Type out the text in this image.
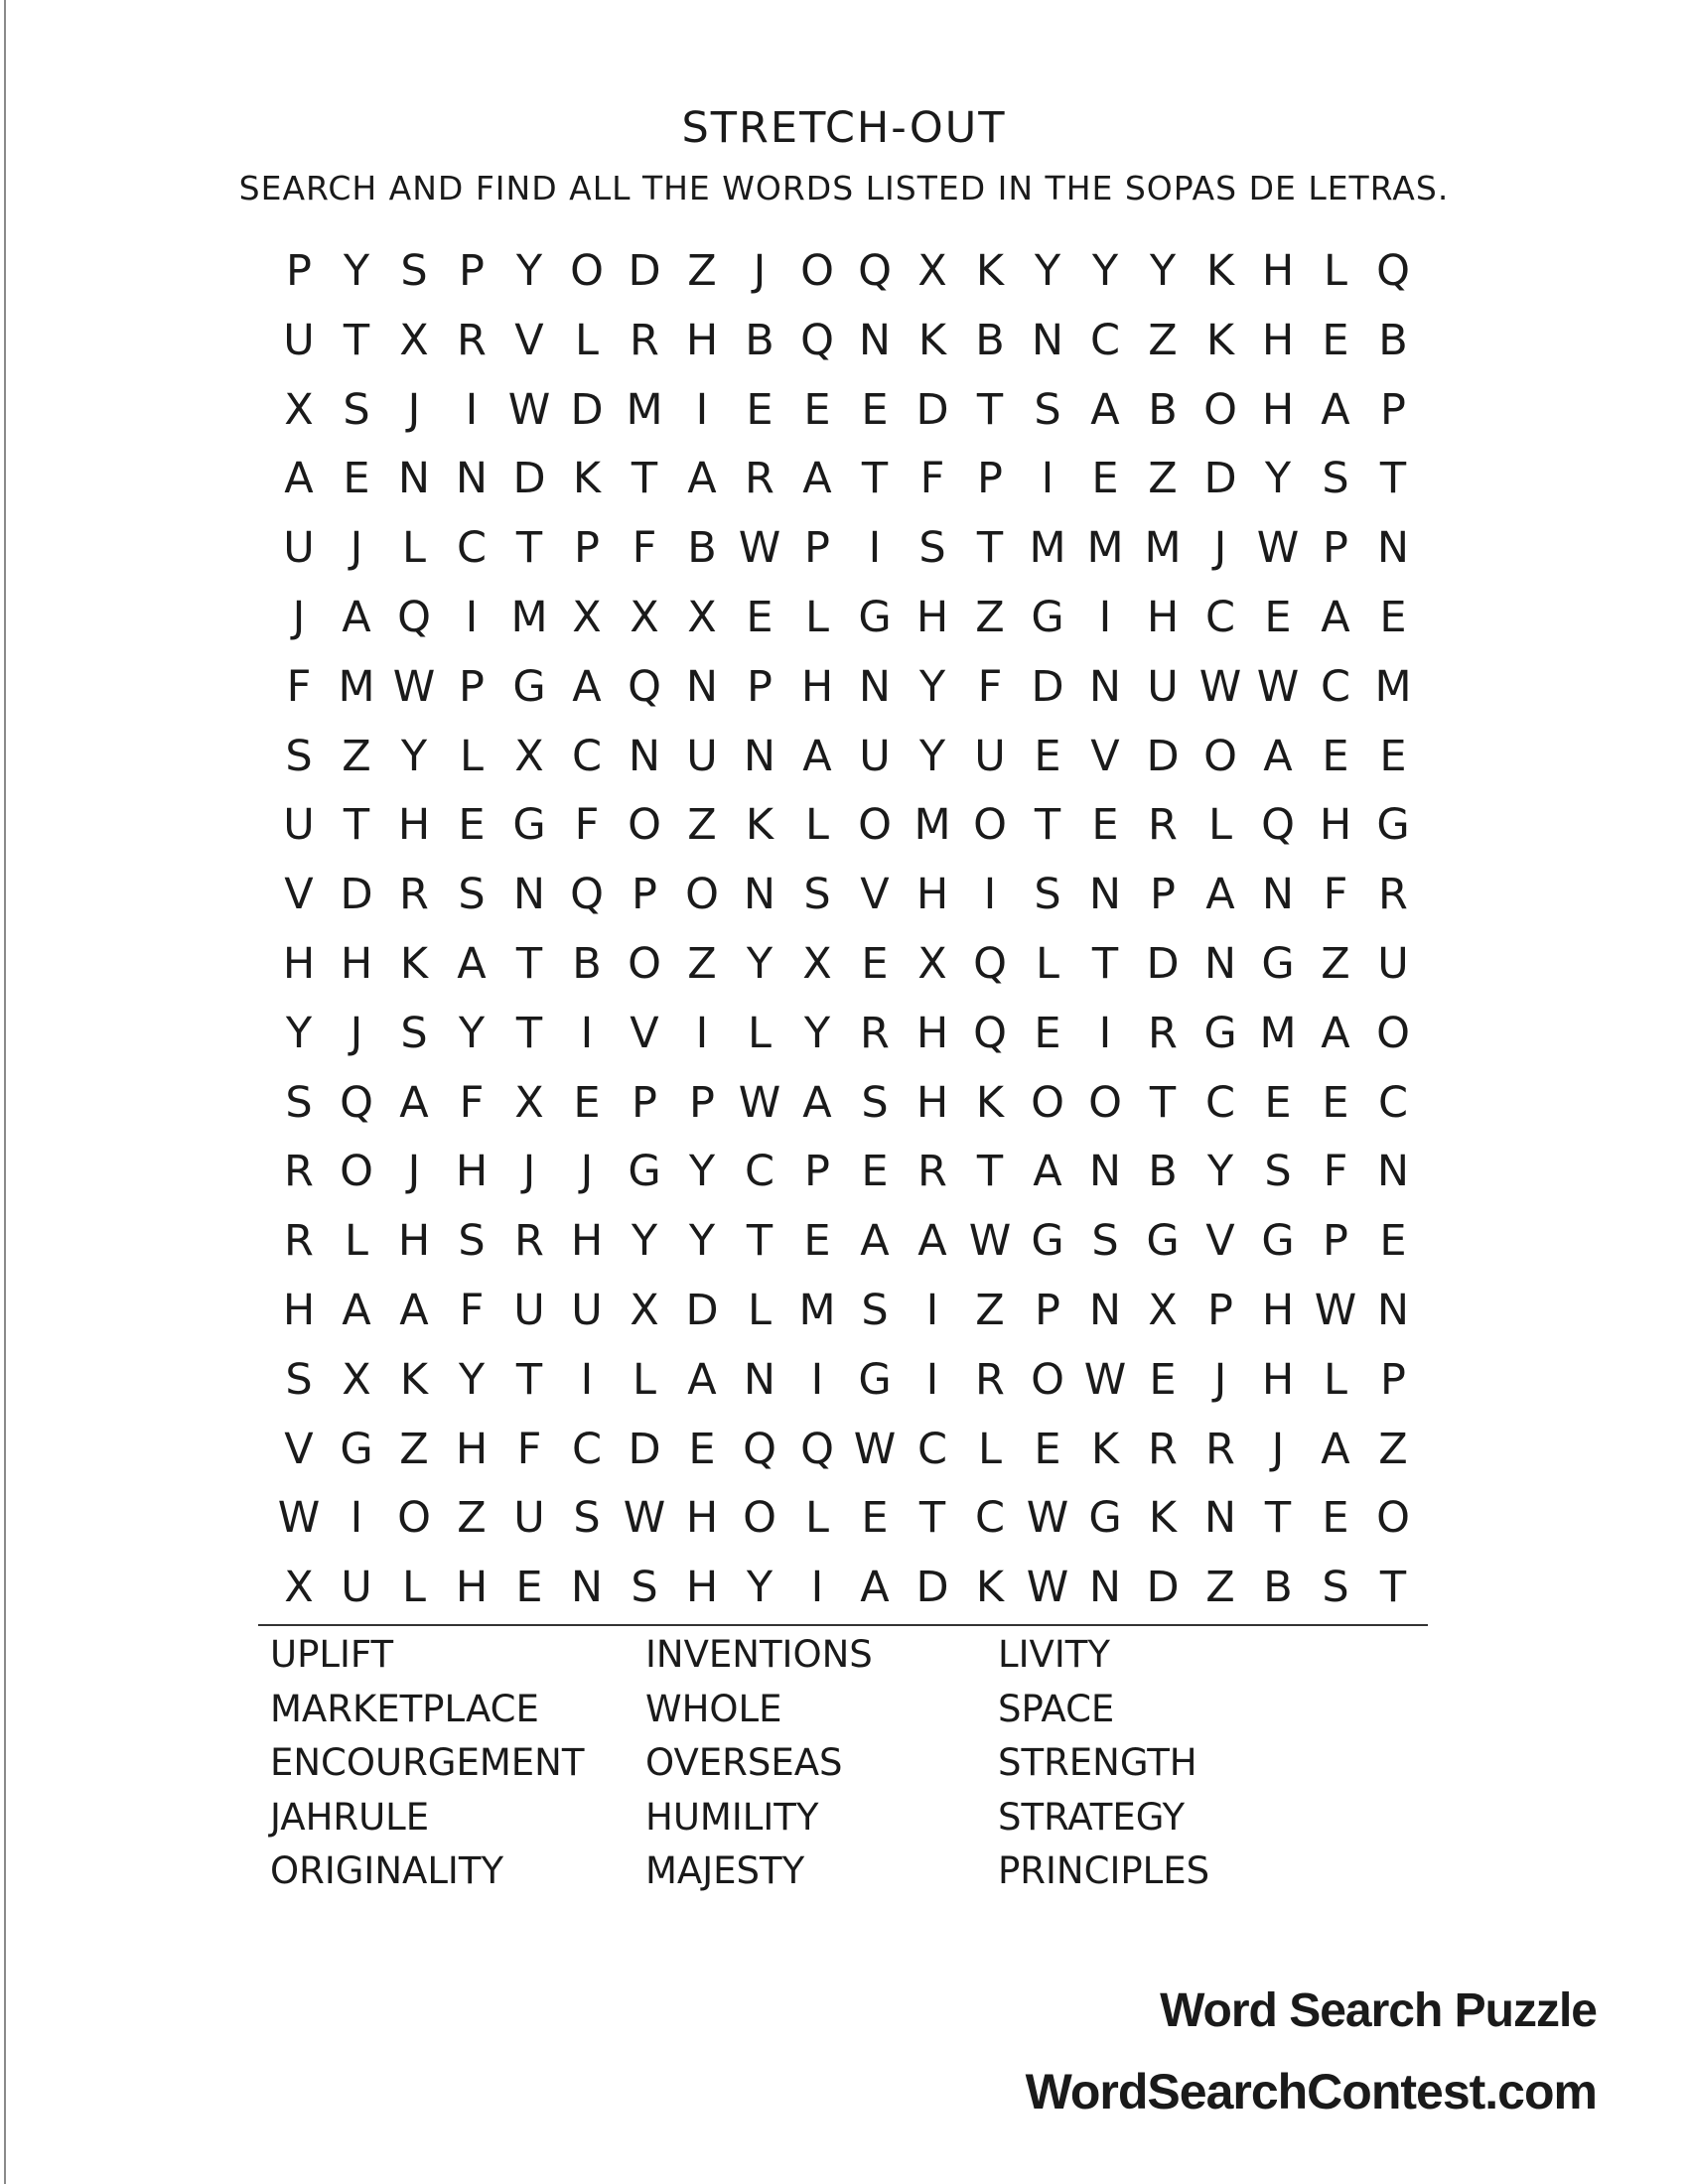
STRETCH-OUT
SEARCH AND FIND ALL THE WORDS LISTED IN THE SOPAS DE LETRAS.
P Y S P Y O D Z J O Q X K Y Y Y K H L Q
U T X R V L R H B Q N K B N C Z K H E B
X S J	I W D M I E E E D T S A B O H A P
A E N N D K T A R A T F P I E Z D Y S T
U J L C T P F B W P I S T M M M J W P N
J A Q I M X X X E L G H Z G I H C E A E
F M W P G A Q N P H N Y F D N U W W C M
S Z Y L X C N U N A U Y U E V D O A E E
U T H E G F O Z K L O M O T E R L Q H G
V D R S N Q P O N S V H I S N P A N F R
H H K A T B O Z Y X E X Q L T D N G Z U
Y J S Y T I V I L Y R H Q E I R G M A O
S Q A F X E P P W A S H K O O T C E E C
R O J H J	J G Y C P E R T A N B Y S F N
R L H S R H Y Y T E A A W G S G V G P E
H A A F U U X D L M S I Z P N X P H W N
S X K Y T I L A N I G I R O W E J H L P
V G Z H F C D E Q Q W C L E K R R J A Z
W I O Z U S W H O L E T C W G K N T E O
X U L H E N S H Y I A D K W N D Z B S T
UPLIFT
MARKETPLACE
ENCOURGEMENT
JAHRULE
ORIGINALITY
INVENTIONS
WHOLE
OVERSEAS
HUMILITY
MAJESTY
LIVITY
SPACE
STRENGTH
STRATEGY
PRINCIPLES
Word Search Puzzle
WordSearchContest.com
